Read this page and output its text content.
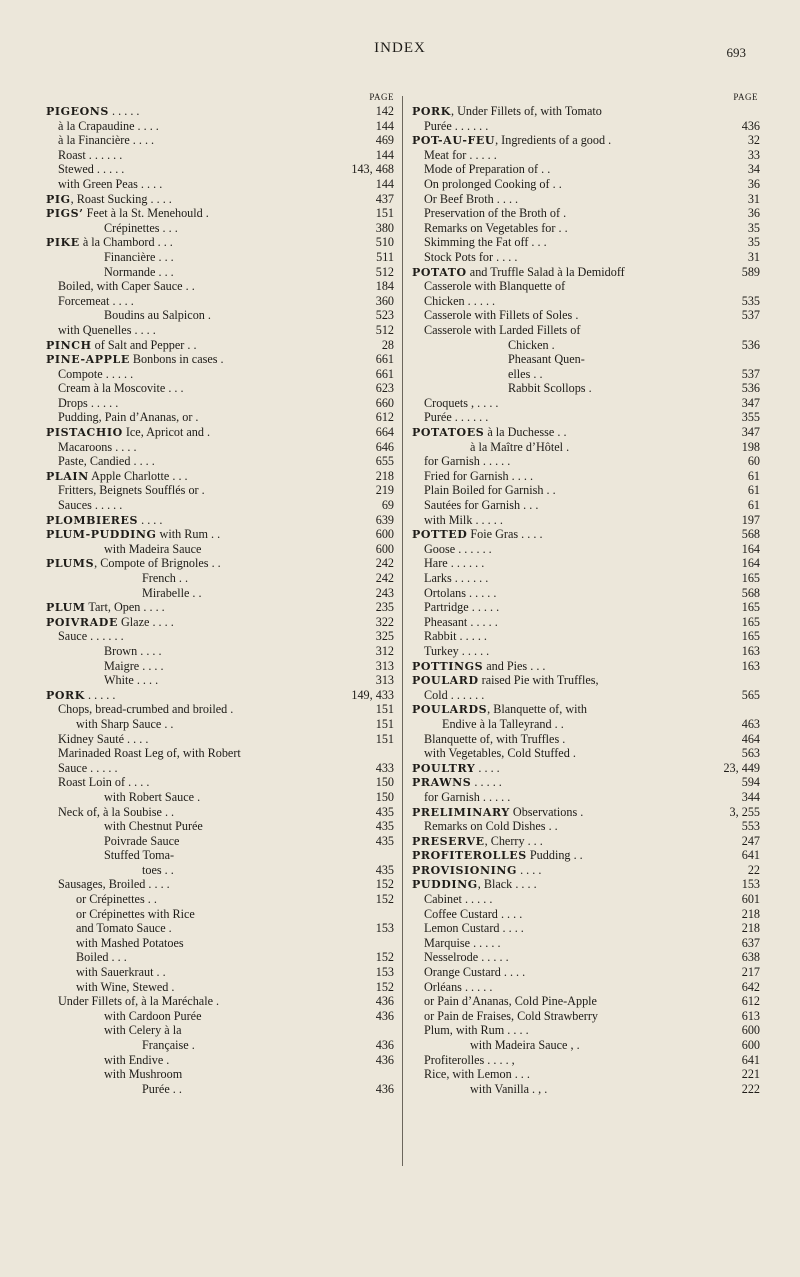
INDEX	693
PAGE
PIGEONS . . . . .	142
à la Crapaudine . . . .	144
à la Financière . . . .	469
Roast . . . . . .	144
Stewed . . . . .	143, 468
with Green Peas . . . .	144
PIG, Roast Sucking . . . .	437
PIGS’ Feet à la St. Menehould .	151
Crépinettes . . .	380
PIKE à la Chambord . . .	510
Financière . . .	511
Normande . . .	512
Boiled, with Caper Sauce . .	184
Forcemeat . . . .	360
Boudins au Salpicon .	523
with Quenelles . . . .	512
PINCH of Salt and Pepper . .	28
PINE-APPLE Bonbons in cases .	661
Compote . . . . .	661
Cream à la Moscovite . . .	623
Drops . . . . .	660
Pudding, Pain d’Ananas, or .	612
PISTACHIO Ice, Apricot and .	664
Macaroons . . . .	646
Paste, Candied . . . .	655
PLAIN Apple Charlotte . . .	218
Fritters, Beignets Soufflés or .	219
Sauces . . . . .	69
PLOMBIERES . . . .	639
PLUM-PUDDING with Rum . .	600
with Madeira Sauce	600
PLUMS, Compote of Brignoles . .	242
French . .	242
Mirabelle . .	243
PLUM Tart, Open . . . .	235
POIVRADE Glaze . . . .	322
Sauce . . . . . .	325
Brown . . . .	312
Maigre . . . .	313
White . . . .	313
PORK . . . . .	149, 433
Chops, bread-crumbed and broiled .	151
with Sharp Sauce . .	151
Kidney Sauté . . . .	151
Marinaded Roast Leg of, with Robert
Sauce . . . . .	433
Roast Loin of . . . .	150
with Robert Sauce .	150
Neck of, à la Soubise . .	435
with Chestnut Purée	435
Poivrade Sauce	435
Stuffed Toma-
toes . .	435
Sausages, Broiled . . . .	152
or Crépinettes . .	152
or Crépinettes with Rice
and Tomato Sauce .	153
with Mashed Potatoes
Boiled . . .	152
with Sauerkraut . .	153
with Wine, Stewed .	152
Under Fillets of, à la Maréchale .	436
with Cardoon Purée	436
with Celery à la
Française .	436
with Endive .	436
with Mushroom
Purée . .	436
PAGE
PORK, Under Fillets of, with Tomato
Purée . . . . . .	436
POT-AU-FEU, Ingredients of a good .	32
Meat for . . . . .	33
Mode of Preparation of . .	34
On prolonged Cooking of . .	36
Or Beef Broth . . . .	31
Preservation of the Broth of .	36
Remarks on Vegetables for . .	35
Skimming the Fat off . . .	35
Stock Pots for . . . .	31
POTATO and Truffle Salad à la Demidoff	589
Casserole with Blanquette of
Chicken . . . . .	535
Casserole with Fillets of Soles .	537
Casserole with Larded Fillets of
Chicken .	536
Pheasant Quen-
elles . .	537
Rabbit Scollops .	536
Croquets , . . . .	347
Purée . . . . . .	355
POTATOES à la Duchesse . .	347
à la Maître d’Hôtel .	198
for Garnish . . . . .	60
Fried for Garnish . . . .	61
Plain Boiled for Garnish . .	61
Sautées for Garnish . . .	61
with Milk . . . . .	197
POTTED Foie Gras . . . .	568
Goose . . . . . .	164
Hare . . . . . .	164
Larks . . . . . .	165
Ortolans . . . . .	568
Partridge . . . . .	165
Pheasant . . . . .	165
Rabbit . . . . .	165
Turkey . . . . .	163
POTTINGS and Pies . . .	163
POULARD raised Pie with Truffles,
Cold . . . . . .	565
POULARDS, Blanquette of, with
Endive à la Talleyrand . .	463
Blanquette of, with Truffles .	464
with Vegetables, Cold Stuffed .	563
POULTRY . . . .	23, 449
PRAWNS . . . . .	594
for Garnish . . . . .	344
PRELIMINARY Observations .	3, 255
Remarks on Cold Dishes . .	553
PRESERVE, Cherry . . .	247
PROFITEROLLES Pudding . .	641
PROVISIONING . . . .	22
PUDDING, Black . . . .	153
Cabinet . . . . .	601
Coffee Custard . . . .	218
Lemon Custard . . . .	218
Marquise . . . . .	637
Nesselrode . . . . .	638
Orange Custard . . . .	217
Orléans . . . . .	642
or Pain d’Ananas, Cold Pine-Apple	612
or Pain de Fraises, Cold Strawberry	613
Plum, with Rum . . . .	600
with Madeira Sauce , .	600
Profiterolles . . . . ,	641
Rice, with Lemon . . .	221
with Vanilla . , .	222
